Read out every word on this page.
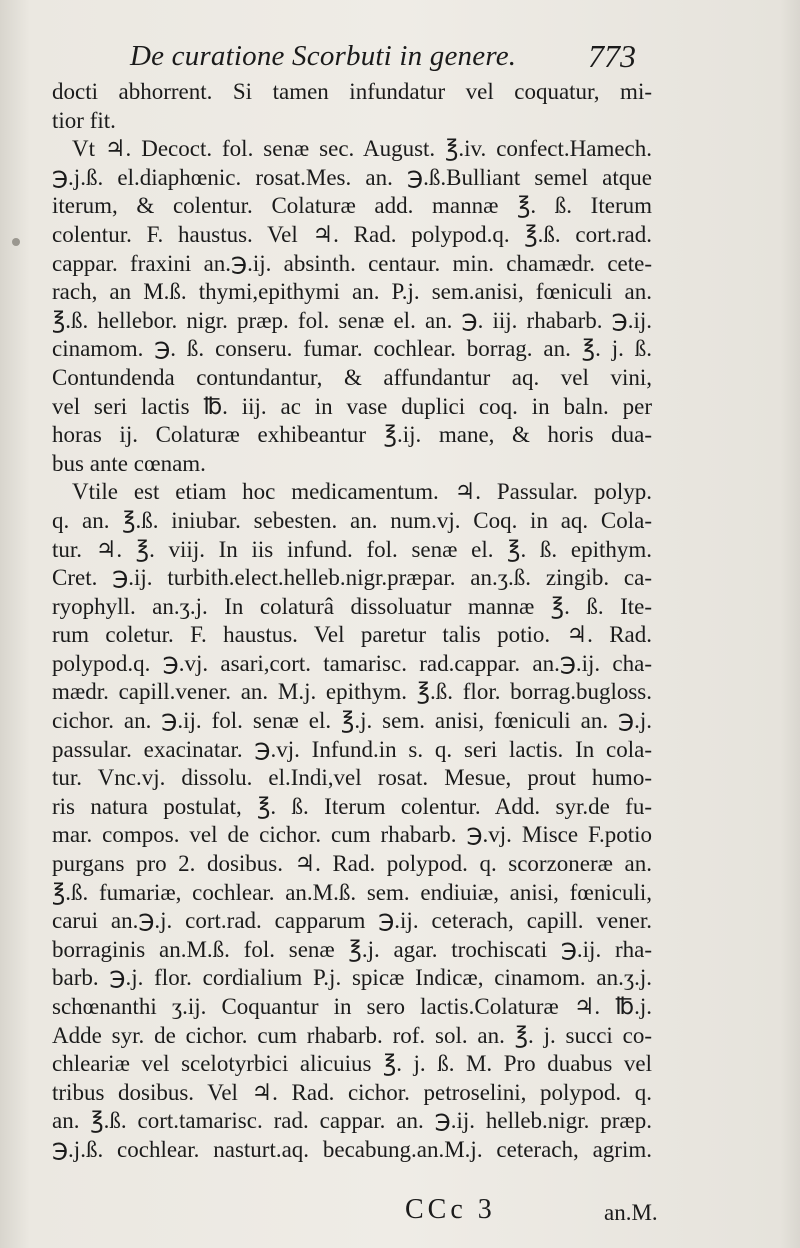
De curatione Scorbuti in genere. 773
docti abhorrent. Si tamen infundatur vel coquatur, mi-
tior fit.
Vt ♃. Decoct. fol. senæ sec. August. ℥.iv. confect.Hamech.
℈.j.ß. el.diaphœnic. rosat.Mes. an. ℈.ß.Bulliant semel atque
iterum, & colentur. Colaturæ add. mannæ ℥. ß. Iterum
colentur. F. haustus. Vel ♃. Rad. polypod.q. ℥.ß. cort.rad.
cappar. fraxini an.℈.ij. absinth. centaur. min. chamædr. cete-
rach, an M.ß. thymi,epithymi an. P.j. sem.anisi, fœniculi an.
℥.ß. hellebor. nigr. præp. fol. senæ el. an. ℈. iij. rhabarb. ℈.ij.
cinamom. ℈. ß. conseru. fumar. cochlear. borrag. an. ℥. j. ß.
Contundenda contundantur, & affundantur aq. vel vini,
vel seri lactis ℔. iij. ac in vase duplici coq. in baln. per
horas ij. Colaturæ exhibeantur ℥.ij. mane, & horis dua-
bus ante cœnam.
Vtile est etiam hoc medicamentum. ♃. Passular. polyp.
q. an. ℥.ß. iniubar. sebesten. an. num.vj. Coq. in aq. Cola-
tur. ♃. ℥. viij. In iis infund. fol. senæ el. ℥. ß. epithym.
Cret. ℈.ij. turbith.elect.helleb.nigr.præpar. an.ʒ.ß. zingib. ca-
ryophyll. an.ʒ.j. In colaturâ dissoluatur mannæ ℥. ß. Ite-
rum coletur. F. haustus. Vel paretur talis potio. ♃. Rad.
polypod.q. ℈.vj. asari,cort. tamarisc. rad.cappar. an.℈.ij. cha-
mædr. capill.vener. an. M.j. epithym. ℥.ß. flor. borrag.bugloss.
cichor. an. ℈.ij. fol. senæ el. ℥.j. sem. anisi, fœniculi an. ℈.j.
passular. exacinatar. ℈.vj. Infund.in s. q. seri lactis. In cola-
tur. Vnc.vj. dissolu. el.Indi,vel rosat. Mesue, prout humo-
ris natura postulat, ℥. ß. Iterum colentur. Add. syr.de fu-
mar. compos. vel de cichor. cum rhabarb. ℈.vj. Misce F.potio
purgans pro 2. dosibus. ♃. Rad. polypod. q. scorzoneræ an.
℥.ß. fumariæ, cochlear. an.M.ß. sem. endiuiæ, anisi, fœniculi,
carui an.℈.j. cort.rad. capparum ℈.ij. ceterach, capill. vener.
borraginis an.M.ß. fol. senæ ℥.j. agar. trochiscati ℈.ij. rha-
barb. ℈.j. flor. cordialium P.j. spicæ Indicæ, cinamom. an.ʒ.j.
schœnanthi ʒ.ij. Coquantur in sero lactis.Colaturæ ♃. ℔.j.
Adde syr. de cichor. cum rhabarb. rof. sol. an. ℥. j. succi co-
chleariæ vel scelotyrbici alicuius ℥. j. ß. M. Pro duabus vel
tribus dosibus. Vel ♃. Rad. cichor. petroselini, polypod. q.
an. ℥.ß. cort.tamarisc. rad. cappar. an. ℈.ij. helleb.nigr. præp.
℈.j.ß. cochlear. nasturt.aq. becabung.an.M.j. ceterach, agrim.
CCc 3	an.M.
